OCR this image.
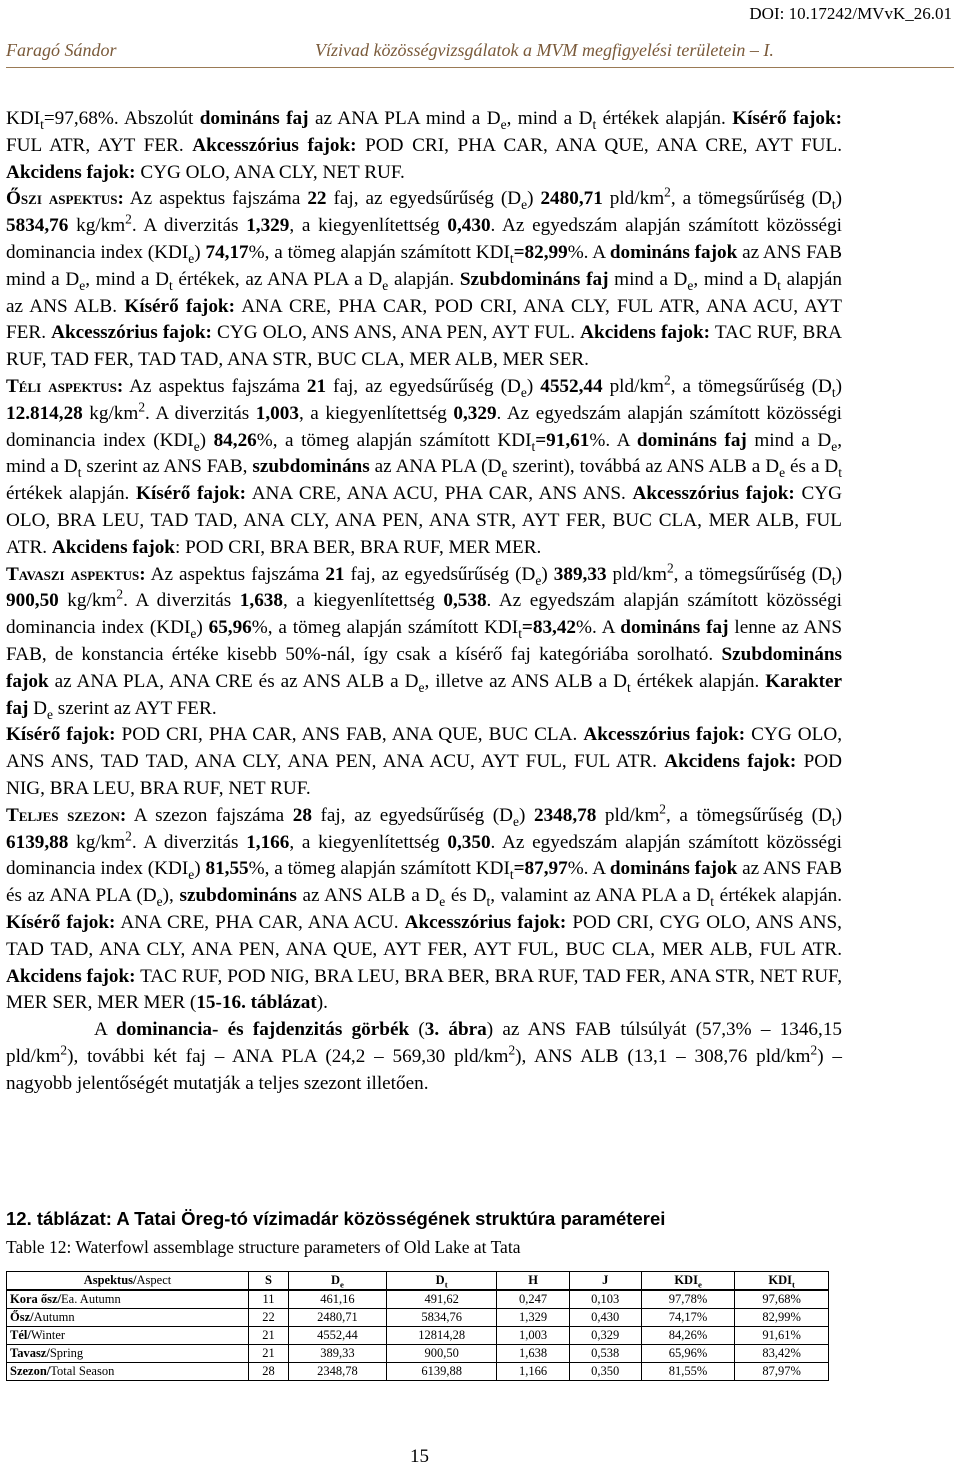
DOI: 10.17242/MVvK_26.01
Faragó Sándor	Vízivad közösségvizsgálatok a MVM megfigyelési területein – I.

$KDI_t=97,68\%$. Abszolút domináns faj az ANA PLA mind a $D_e$, mind a $D_t$ értékek alapján. Kísérő fajok: FUL ATR, AYT FER. Akcesszórius fajok: POD CRI, PHA CAR, ANA QUE, ANA CRE, AYT FUL. Akcidens fajok: CYG OLO, ANA CLY, NET RUF.

Őszi aspektus: Az aspektus fajszáma 22 faj, az egyedsűrűség $(D_e)$ 2480,71 pld/$km^2$, a tömegsűrűség $(D_t)$ 5834,76 $kg/km^2$. A diverzitás 1,329, a kiegyenlítettség 0,430. Az egyedszám alapján számított közösségi dominancia index $(KDI_e)$ 74,17%, a tömeg alapján számított $KDI_t=82,99\%$. A domináns fajok az ANS FAB mind a $D_e$, mind a $D_t$ értékek, az ANA PLA a $D_e$ alapján. Szubdomináns faj mind a $D_e$, mind a $D_t$ alapján az ANS ALB. Kísérő fajok: ANA CRE, PHA CAR, POD CRI, ANA CLY, FUL ATR, ANA ACU, AYT FER. Akcesszórius fajok: CYG OLO, ANS ANS, ANA PEN, AYT FUL. Akcidens fajok: TAC RUF, BRA RUF, TAD FER, TAD TAD, ANA STR, BUC CLA, MER ALB, MER SER.

Téli aspektus: Az aspektus fajszáma 21 faj, az egyedsűrűség $(D_e)$ 4552,44 pld/$km^2$, a tömegsűrűség $(D_t)$ 12.814,28 $kg/km^2$. A diverzitás 1,003, a kiegyenlítettség 0,329. Az egyedszám alapján számított közösségi dominancia index $(KDI_e)$ 84,26%, a tömeg alapján számított $KDI_t=91,61\%$. A domináns faj mind a $D_e$, mind a $D_t$ szerint az ANS FAB, szubdomináns az ANA PLA ($D_e$ szerint), továbbá az ANS ALB a $D_e$ és a $D_t$ értékek alapján. Kísérő fajok: ANA CRE, ANA ACU, PHA CAR, ANS ANS. Akcesszórius fajok: CYG OLO, BRA LEU, TAD TAD, ANA CLY, ANA PEN, ANA STR, AYT FER, BUC CLA, MER ALB, FUL ATR. Akcidens fajok: POD CRI, BRA BER, BRA RUF, MER MER.

Tavaszi aspektus: Az aspektus fajszáma 21 faj, az egyedsűrűség $(D_e)$ 389,33 pld/$km^2$, a tömegsűrűség $(D_t)$ 900,50 $kg/km^2$. A diverzitás 1,638, a kiegyenlítettség 0,538. Az egyedszám alapján számított közösségi dominancia index $(KDI_e)$ 65,96%, a tömeg alapján számított $KDI_t=83,42\%$. A domináns faj lenne az ANS FAB, de konstancia értéke kisebb 50%-nál, így csak a kísérő faj kategóriába sorolható. Szubdomináns fajok az ANA PLA, ANA CRE és az ANS ALB a $D_e$, illetve az ANS ALB a $D_t$ értékek alapján. Karakter faj $D_e$ szerint az AYT FER.

Kísérő fajok: POD CRI, PHA CAR, ANS FAB, ANA QUE, BUC CLA. Akcesszórius fajok: CYG OLO, ANS ANS, TAD TAD, ANA CLY, ANA PEN, ANA ACU, AYT FUL, FUL ATR. Akcidens fajok: POD NIG, BRA LEU, BRA RUF, NET RUF.

Teljes szezon: A szezon fajszáma 28 faj, az egyedsűrűség $(D_e)$ 2348,78 pld/$km^2$, a tömegsűrűség $(D_t)$ 6139,88 $kg/km^2$. A diverzitás 1,166, a kiegyenlítettség 0,350. Az egyedszám alapján számított közösségi dominancia index $(KDI_e)$ 81,55%, a tömeg alapján számított $KDI_t=87,97\%$. A domináns fajok az ANS FAB és az ANA PLA $(D_e)$, szubdomináns az ANS ALB a $D_e$ és $D_t$, valamint az ANA PLA a $D_t$ értékek alapján. Kísérő fajok: ANA CRE, PHA CAR, ANA ACU. Akcesszórius fajok: POD CRI, CYG OLO, ANS ANS, TAD TAD, ANA CLY, ANA PEN, ANA QUE, AYT FER, AYT FUL, BUC CLA, MER ALB, FUL ATR. Akcidens fajok: TAC RUF, POD NIG, BRA LEU, BRA BER, BRA RUF, TAD FER, ANA STR, NET RUF, MER SER, MER MER (15-16. táblázat).

A dominancia- és fajdenzitás görbék (3. ábra) az ANS FAB túlsúlyát (57,3% – 1346,15 pld/$km^2$), további két faj – ANA PLA (24,2 – 569,30 pld/$km^2$), ANS ALB (13,1 – 308,76 pld/$km^2$) – nagyobb jelentőségét mutatják a teljes szezont illetően.

12. táblázat: A Tatai Öreg-tó vízimadár közösségének struktúra paraméterei
Table 12: Waterfowl assemblage structure parameters of Old Lake at Tata
Aspektus/Aspect	S	$D_e$	$D_t$	H	J	$KDI_e$	$KDI_t$
Kora ősz/Ea. Autumn	11	461,16	491,62	0,247	0,103	97,78%	97,68%
Ősz/Autumn	22	2480,71	5834,76	1,329	0,430	74,17%	82,99%
Tél/Winter	21	4552,44	12814,28	1,003	0,329	84,26%	91,61%
Tavasz/Spring	21	389,33	900,50	1,638	0,538	65,96%	83,42%
Szezon/Total Season	28	2348,78	6139,88	1,166	0,350	81,55%	87,97%
15
